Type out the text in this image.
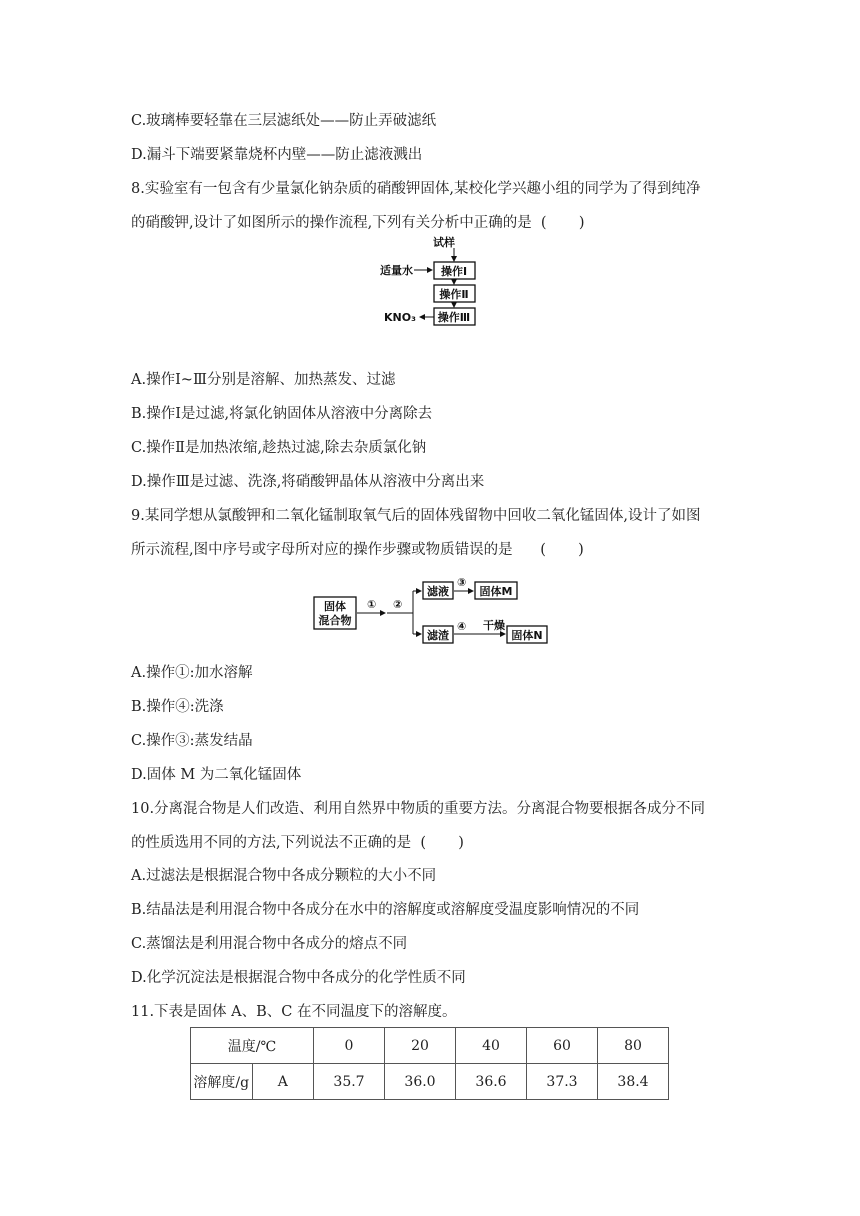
C.玻璃棒要轻靠在三层滤纸处——防止弄破滤纸
D.漏斗下端要紧靠烧杯内壁——防止滤液溅出
8.实验室有一包含有少量氯化钠杂质的硝酸钾固体,某校化学兴趣小组的同学为了得到纯净
的硝酸钾,设计了如图所示的操作流程,下列有关分析中正确的是  (       )
试样
适量水	操作Ⅰ
操作Ⅱ
操作Ⅲ
KNO₃
A.操作Ⅰ~Ⅲ分别是溶解、加热蒸发、过滤
B.操作Ⅰ是过滤,将氯化钠固体从溶液中分离除去
C.操作Ⅱ是加热浓缩,趁热过滤,除去杂质氯化钠
D.操作Ⅲ是过滤、洗涤,将硝酸钾晶体从溶液中分离出来
9.某同学想从氯酸钾和二氧化锰制取氧气后的固体残留物中回收二氧化锰固体,设计了如图
所示流程,图中序号或字母所对应的操作步骤或物质错误的是      (       )
固体
混合物
① ②
滤液
③
固体M
滤渣
④ 干燥
固体N
A.操作①:加水溶解
B.操作④:洗涤
C.操作③:蒸发结晶
D.固体 M 为二氧化锰固体
10.分离混合物是人们改造、利用自然界中物质的重要方法。分离混合物要根据各成分不同
的性质选用不同的方法,下列说法不正确的是  (       )
A.过滤法是根据混合物中各成分颗粒的大小不同
B.结晶法是利用混合物中各成分在水中的溶解度或溶解度受温度影响情况的不同
C.蒸馏法是利用混合物中各成分的熔点不同
D.化学沉淀法是根据混合物中各成分的化学性质不同
11.下表是固体 A、B、C 在不同温度下的溶解度。
温度/℃		0	20	40	60	80
溶解度/g	A	35.7	36.0	36.6	37.3	38.4
